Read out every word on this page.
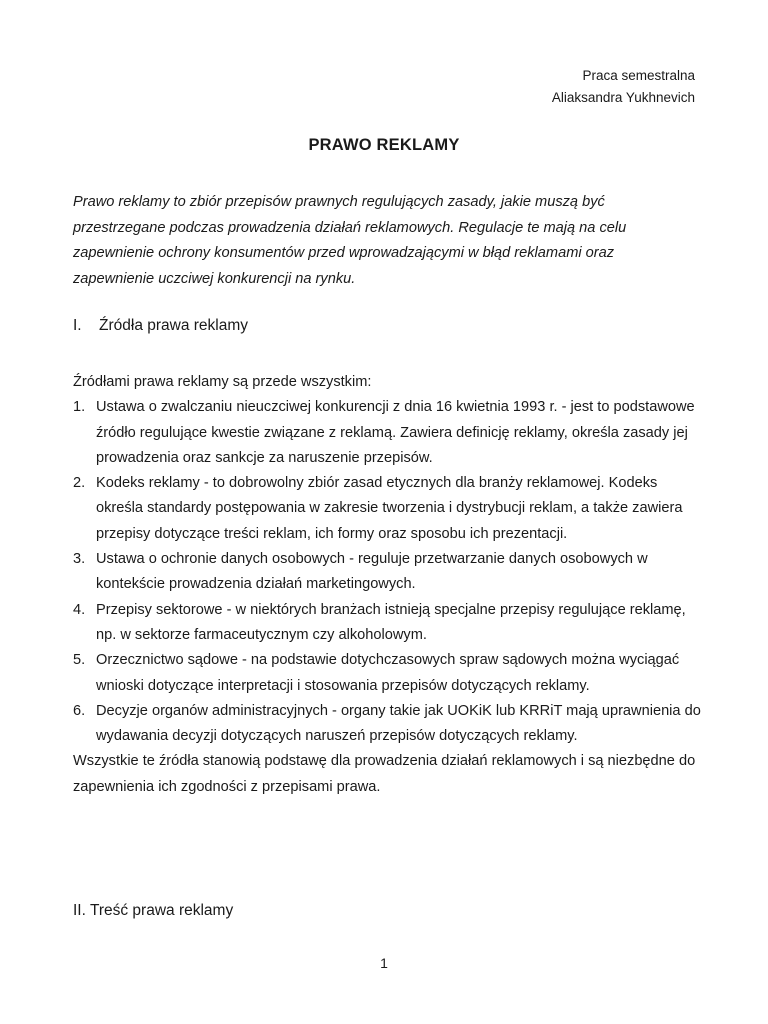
Praca semestralna
Aliaksandra Yukhnevich
PRAWO REKLAMY

Prawo reklamy to zbiór przepisów prawnych regulujących zasady, jakie muszą być przestrzegane podczas prowadzenia działań reklamowych. Regulacje te mają na celu zapewnienie ochrony konsumentów przed wprowadzającymi w błąd reklamami oraz zapewnienie uczciwej konkurencji na rynku.

I. Źródła prawa reklamy

Źródłami prawa reklamy są przede wszystkim:

1. Ustawa o zwalczaniu nieuczciwej konkurencji z dnia 16 kwietnia 1993 r. - jest to podstawowe źródło regulujące kwestie związane z reklamą. Zawiera definicję reklamy, określa zasady jej prowadzenia oraz sankcje za naruszenie przepisów.
2. Kodeks reklamy - to dobrowolny zbiór zasad etycznych dla branży reklamowej. Kodeks określa standardy postępowania w zakresie tworzenia i dystrybucji reklam, a także zawiera przepisy dotyczące treści reklam, ich formy oraz sposobu ich prezentacji.
3. Ustawa o ochronie danych osobowych - reguluje przetwarzanie danych osobowych w kontekście prowadzenia działań marketingowych.
4. Przepisy sektorowe - w niektórych branżach istnieją specjalne przepisy regulujące reklamę, np. w sektorze farmaceutycznym czy alkoholowym.
5. Orzecznictwo sądowe - na podstawie dotychczasowych spraw sądowych można wyciągać wnioski dotyczące interpretacji i stosowania przepisów dotyczących reklamy.
6. Decyzje organów administracyjnych - organy takie jak UOKiK lub KRRiT mają uprawnienia do wydawania decyzji dotyczących naruszeń przepisów dotyczących reklamy.

Wszystkie te źródła stanowią podstawę dla prowadzenia działań reklamowych i są niezbędne do zapewnienia ich zgodności z przepisami prawa.

II. Treść prawa reklamy
1
